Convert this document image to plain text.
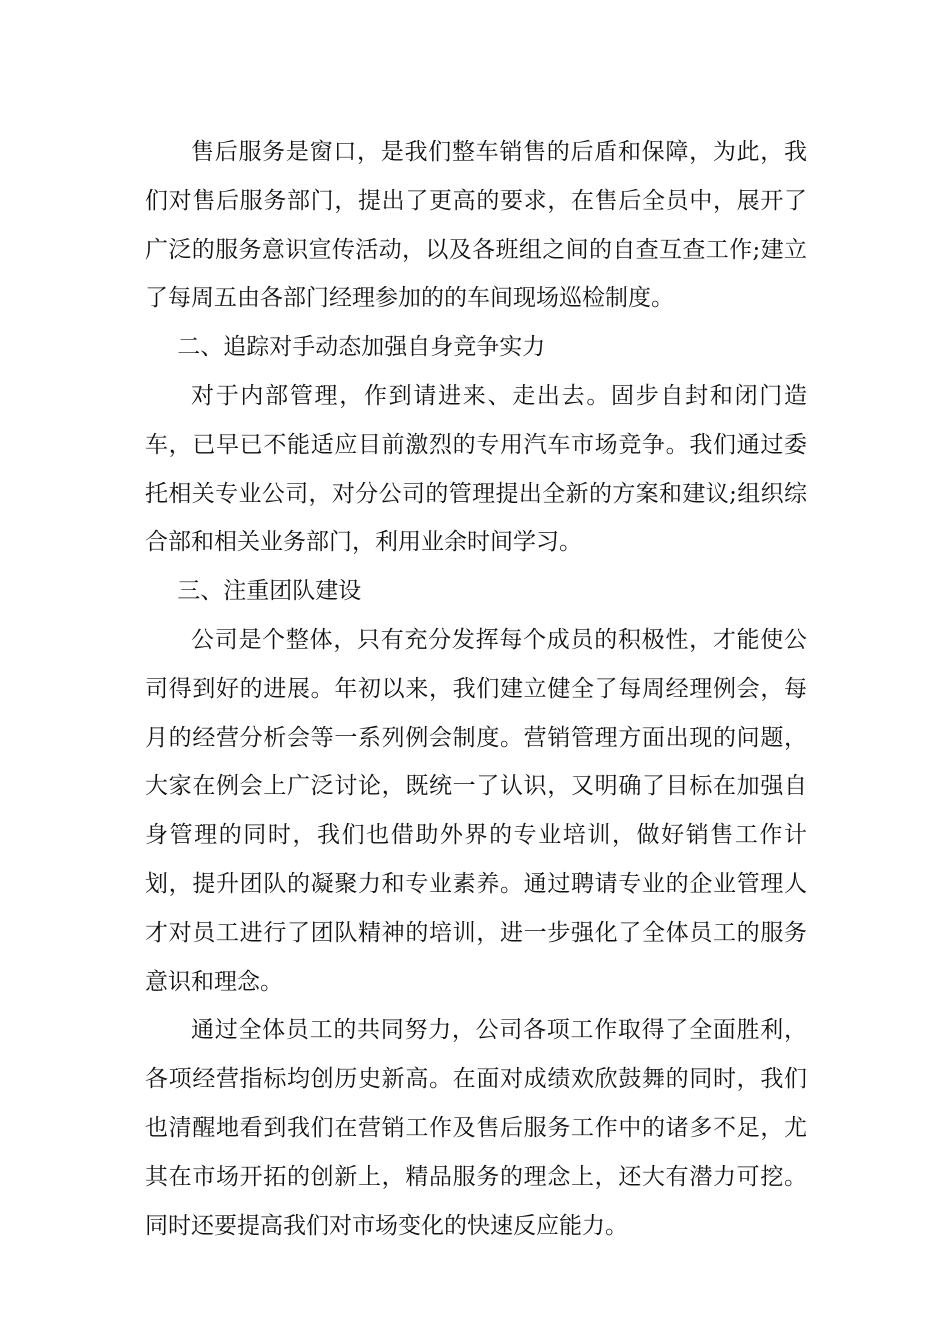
售后服务是窗口，是我们整车销售的后盾和保障，为此，我们对售后服务部门，提出了更高的要求，在售后全员中，展开了广泛的服务意识宣传活动，以及各班组之间的自查互查工作;建立了每周五由各部门经理参加的的车间现场巡检制度。

二、追踪对手动态加强自身竞争实力

对于内部管理，作到请进来、走出去。固步自封和闭门造车，已早已不能适应目前激烈的专用汽车市场竞争。我们通过委托相关专业公司，对分公司的管理提出全新的方案和建议;组织综合部和相关业务部门，利用业余时间学习。

三、注重团队建设

公司是个整体，只有充分发挥每个成员的积极性，才能使公司得到好的进展。年初以来，我们建立健全了每周经理例会，每月的经营分析会等一系列例会制度。营销管理方面出现的问题，大家在例会上广泛讨论，既统一了认识，又明确了目标在加强自身管理的同时，我们也借助外界的专业培训，做好销售工作计划，提升团队的凝聚力和专业素养。通过聘请专业的企业管理人才对员工进行了团队精神的培训，进一步强化了全体员工的服务意识和理念。

通过全体员工的共同努力，公司各项工作取得了全面胜利，各项经营指标均创历史新高。在面对成绩欢欣鼓舞的同时，我们也清醒地看到我们在营销工作及售后服务工作中的诸多不足，尤其在市场开拓的创新上，精品服务的理念上，还大有潜力可挖。同时还要提高我们对市场变化的快速反应能力。
